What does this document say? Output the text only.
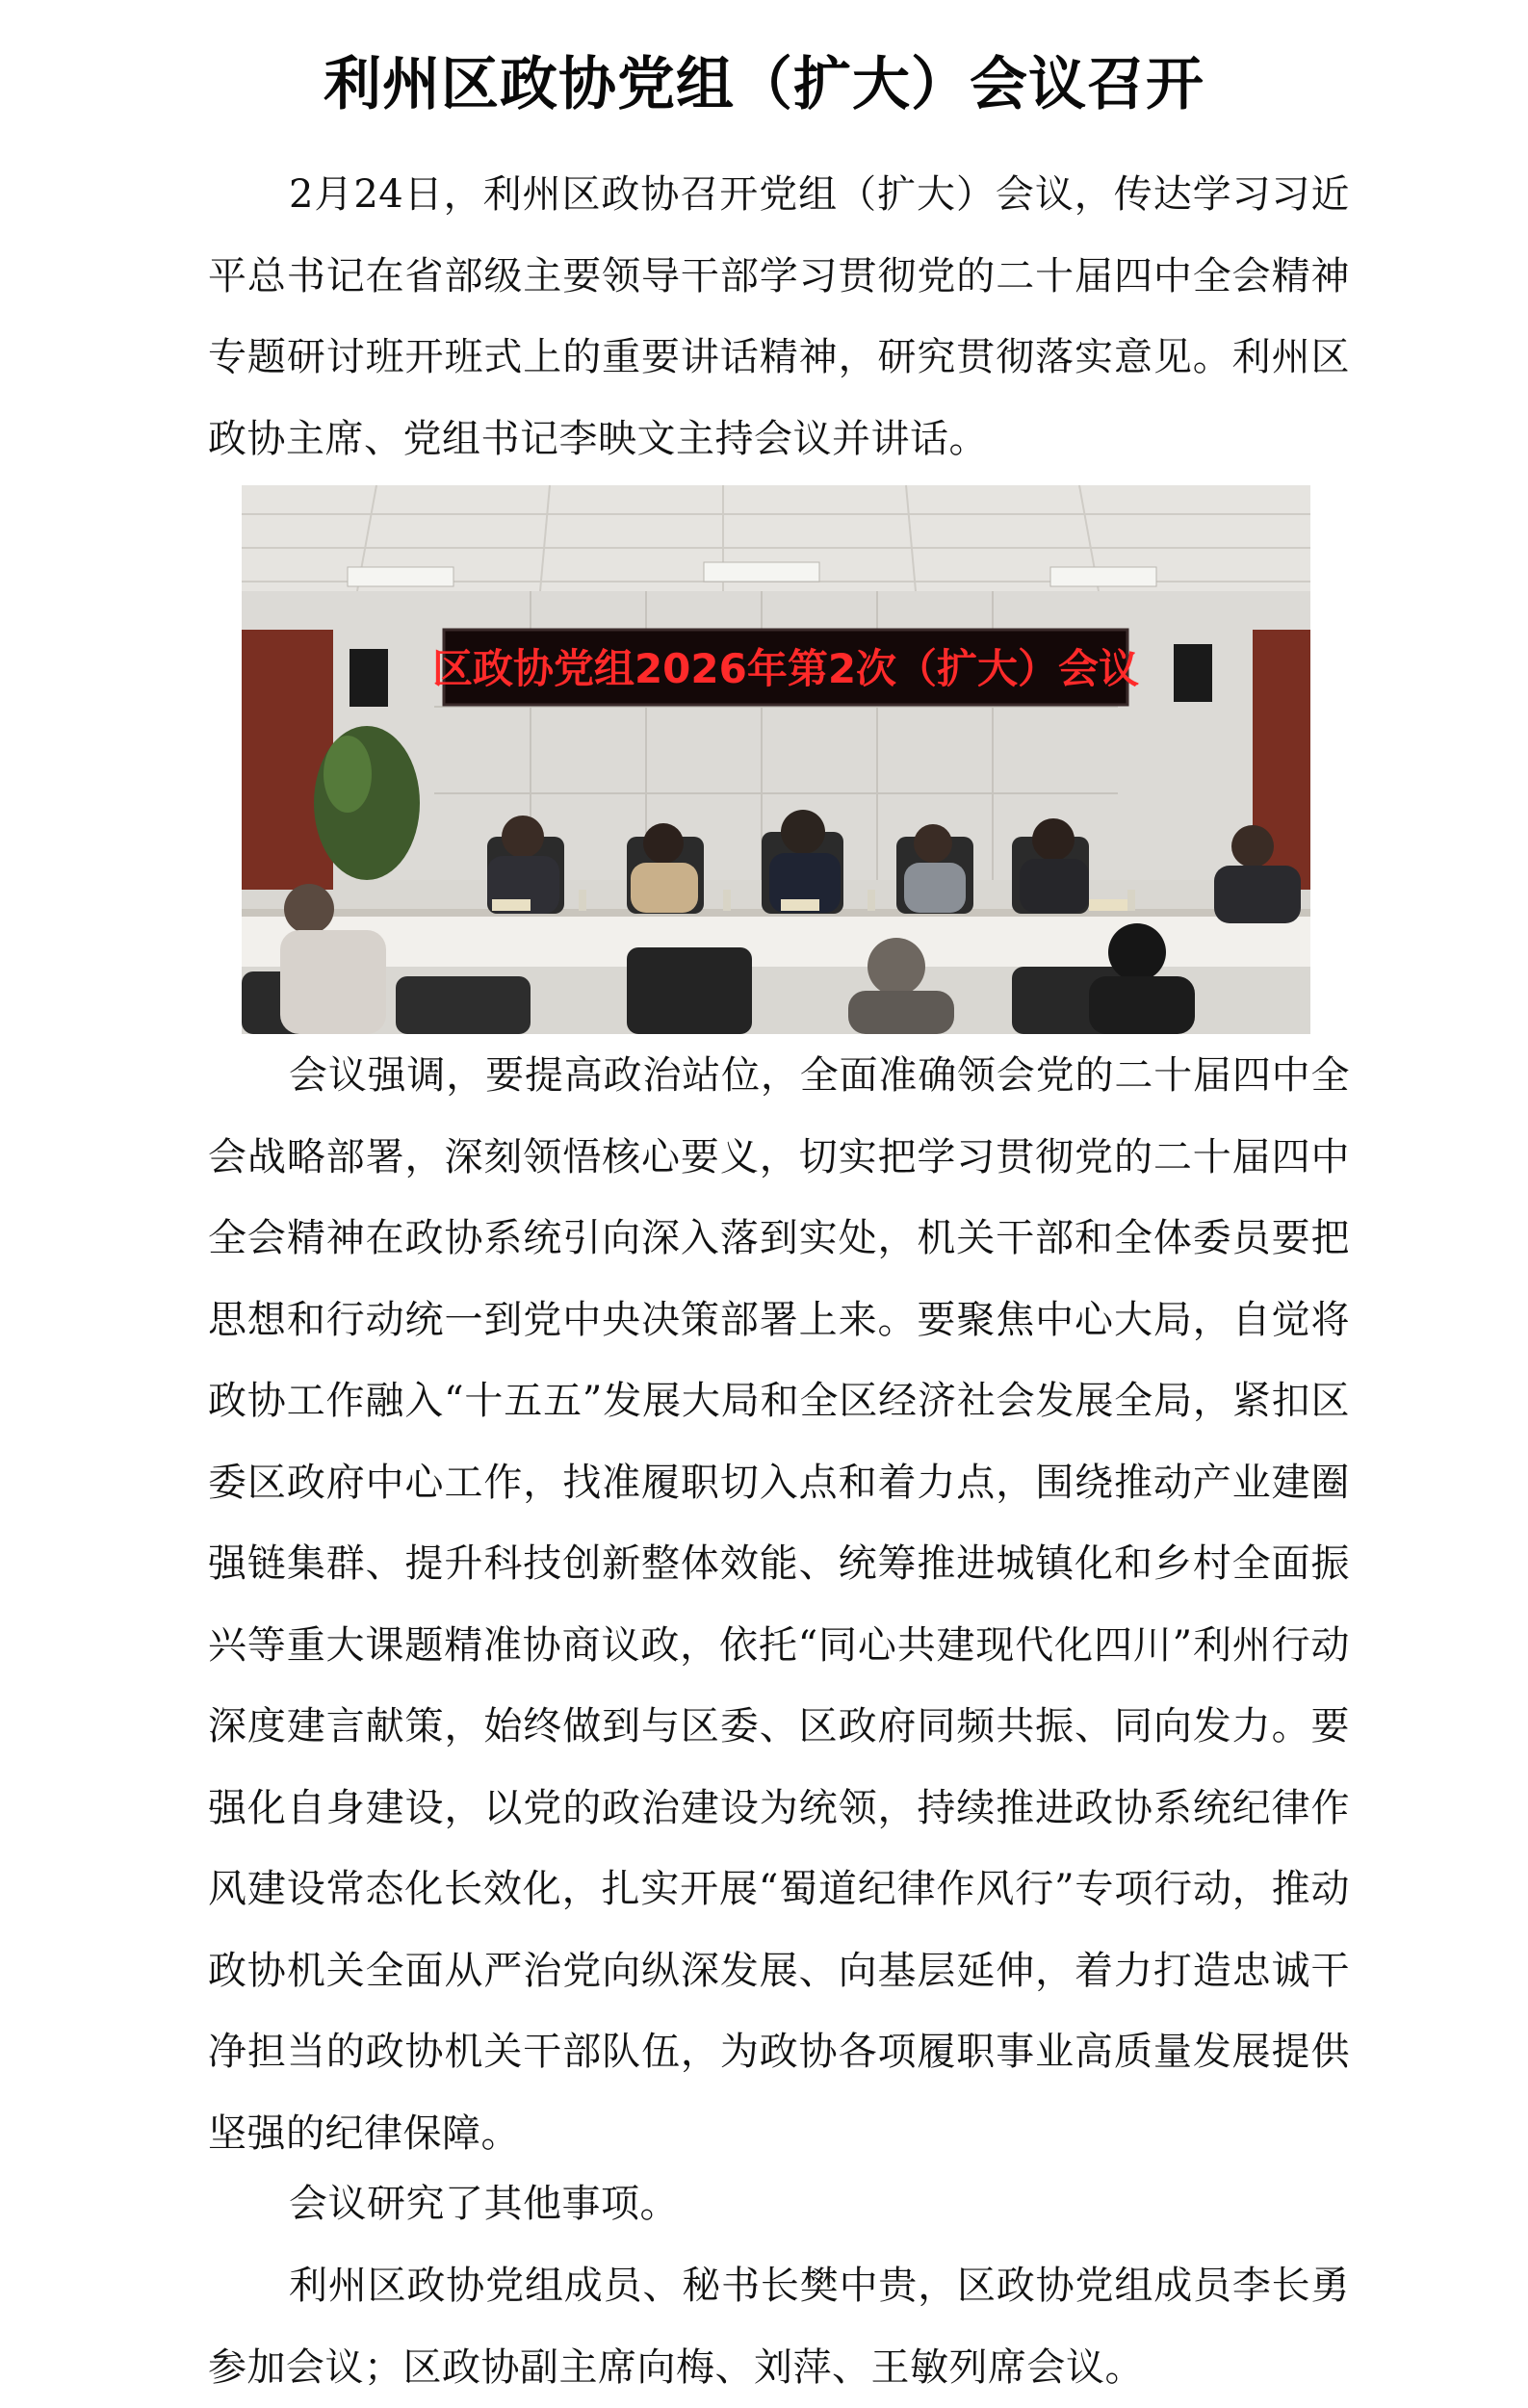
利州区政协党组（扩大）会议召开

2月24日，利州区政协召开党组（扩大）会议，传达学习习近平总书记在省部级主要领导干部学习贯彻党的二十届四中全会精神专题研讨班开班式上的重要讲话精神，研究贯彻落实意见。利州区政协主席、党组书记李映文主持会议并讲话。

区政协党组2026年第2次（扩大）会议

会议强调，要提高政治站位，全面准确领会党的二十届四中全会战略部署，深刻领悟核心要义，切实把学习贯彻党的二十届四中全会精神在政协系统引向深入落到实处，机关干部和全体委员要把思想和行动统一到党中央决策部署上来。要聚焦中心大局，自觉将政协工作融入“十五五”发展大局和全区经济社会发展全局，紧扣区委区政府中心工作，找准履职切入点和着力点，围绕推动产业建圈强链集群、提升科技创新整体效能、统筹推进城镇化和乡村全面振兴等重大课题精准协商议政，依托“同心共建现代化四川”利州行动深度建言献策，始终做到与区委、区政府同频共振、同向发力。要强化自身建设，以党的政治建设为统领，持续推进政协系统纪律作风建设常态化长效化，扎实开展“蜀道纪律作风行”专项行动，推动政协机关全面从严治党向纵深发展、向基层延伸，着力打造忠诚干净担当的政协机关干部队伍，为政协各项履职事业高质量发展提供坚强的纪律保障。

会议研究了其他事项。

利州区政协党组成员、秘书长樊中贵，区政协党组成员李长勇参加会议；区政协副主席向梅、刘萍、王敏列席会议。
